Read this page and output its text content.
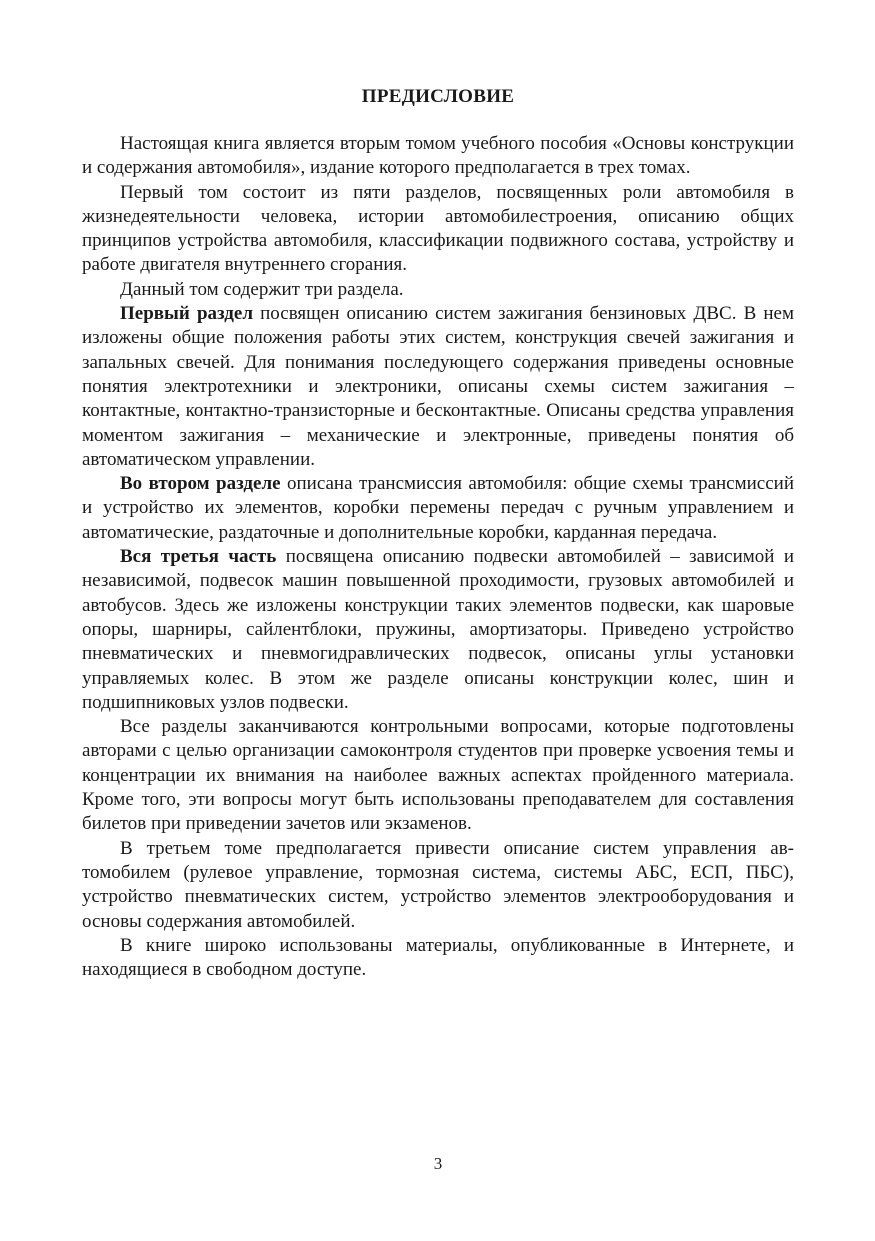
ПРЕДИСЛОВИЕ

Настоящая книга является вторым томом учебного пособия «Основы конструкции и содержания автомобиля», издание которого предполагается в трех томах.

Первый том состоит из пяти разделов, посвященных роли автомобиля в жизнедеятельности человека, истории автомобилестроения, описанию общих принципов устройства автомобиля, классификации подвижного состава, устройству и работе двигателя внутреннего сгорания.

Данный том содержит три раздела.

Первый раздел посвящен описанию систем зажигания бензиновых ДВС. В нем изложены общие положения работы этих систем, конструкция свечей зажигания и запальных свечей. Для понимания последующего содержания приведены основные понятия электротехники и электроники, описаны схемы систем зажигания – контактные, контактно-транзисторные и бесконтактные. Описаны средства управления моментом зажигания – механические и электронные, приведены понятия об автоматическом управлении.

Во втором разделе описана трансмиссия автомобиля: общие схемы трансмиссий и устройство их элементов, коробки перемены передач с ручным управлением и автоматические, раздаточные и дополнительные коробки, карданная передача.

Вся третья часть посвящена описанию подвески автомобилей – зависимой и независимой, подвесок машин повышенной проходимости, грузовых автомобилей и автобусов. Здесь же изложены конструкции таких элементов подвески, как шаровые опоры, шарниры, сайлентблоки, пружины, амортизаторы. Приведено устройство пневматических и пневмогидравлических подвесок, описаны углы установки управляемых колес. В этом же разделе описаны конструкции колес, шин и подшипниковых узлов подвески.

Все разделы заканчиваются контрольными вопросами, которые подготовлены авторами с целью организации самоконтроля студентов при проверке усвоения темы и концентрации их внимания на наиболее важных аспектах пройденного материала. Кроме того, эти вопросы могут быть использованы преподавателем для составления билетов при приведении зачетов или экзаменов.

В третьем томе предполагается привести описание систем управления автомобилем (рулевое управление, тормозная система, системы АБС, ЕСП, ПБС), устройство пневматических систем, устройство элементов электрооборудования и основы содержания автомобилей.

В книге широко использованы материалы, опубликованные в Интернете, и находящиеся в свободном доступе.

3
